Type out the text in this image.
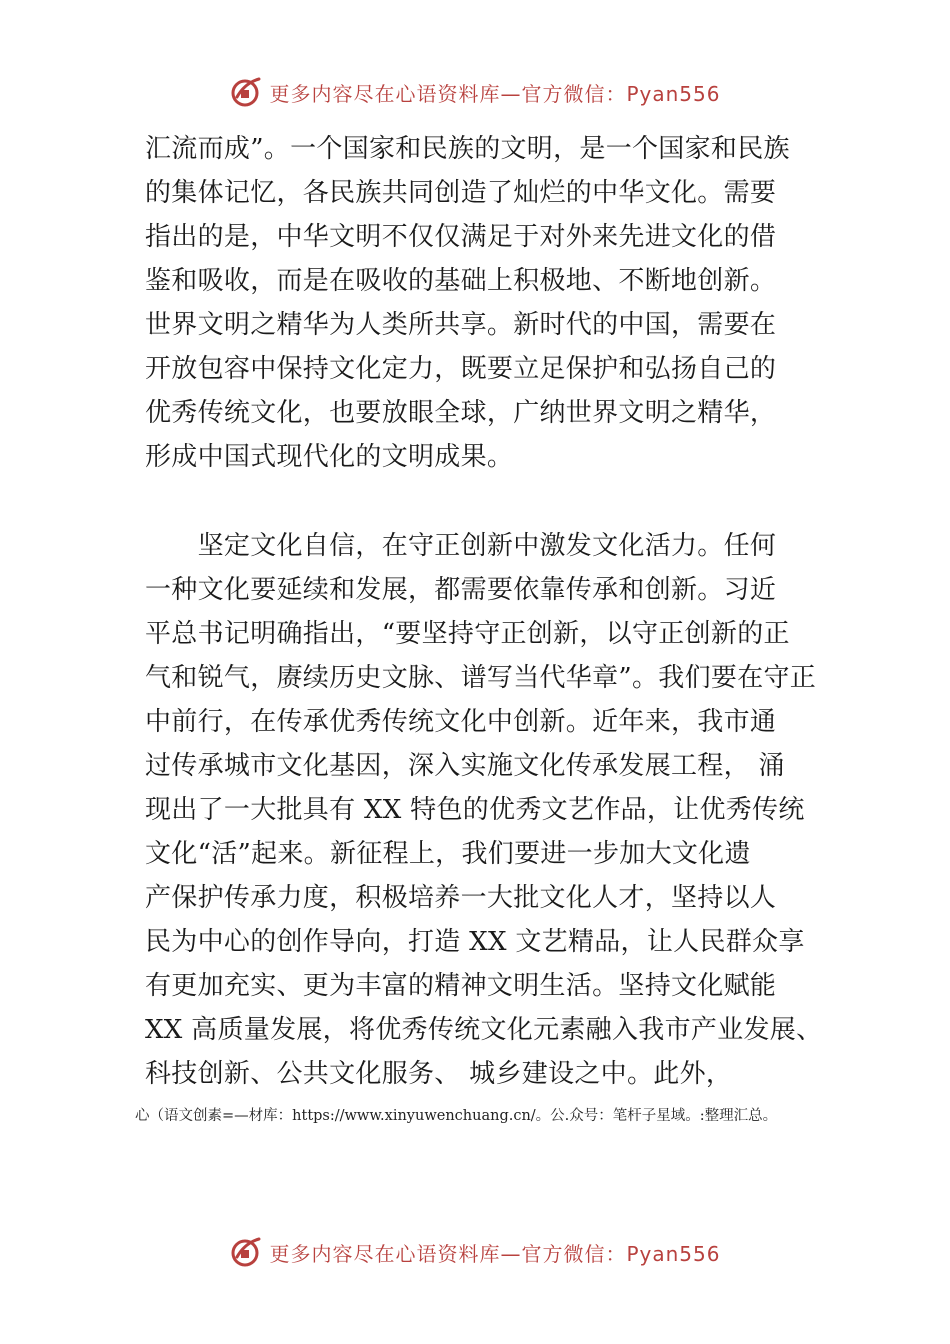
更多内容尽在心语资料库—官方微信：Pyan556
汇流而成”。一个国家和民族的文明，是一个国家和民族
的集体记忆，各民族共同创造了灿烂的中华文化。需要
指出的是，中华文明不仅仅满足于对外来先进文化的借
鉴和吸收，而是在吸收的基础上积极地、不断地创新。
世界文明之精华为人类所共享。新时代的中国，需要在
开放包容中保持文化定力，既要立足保护和弘扬自己的
优秀传统文化，也要放眼全球，广纳世界文明之精华，
形成中国式现代化的文明成果。
　　坚定文化自信，在守正创新中激发文化活力。任何
一种文化要延续和发展，都需要依靠传承和创新。习近
平总书记明确指出，“要坚持守正创新，以守正创新的正
气和锐气，赓续历史文脉、谱写当代华章”。我们要在守正
中前行，在传承优秀传统文化中创新。近年来，我市通
过传承城市文化基因，深入实施文化传承发展工程， 涌
现出了一大批具有 XX 特色的优秀文艺作品，让优秀传统
文化“活”起来。新征程上，我们要进一步加大文化遗
产保护传承力度，积极培养一大批文化人才，坚持以人
民为中心的创作导向，打造 XX 文艺精品，让人民群众享
有更加充实、更为丰富的精神文明生活。坚持文化赋能
XX 高质量发展，将优秀传统文化元素融入我市产业发展、
科技创新、公共文化服务、 城乡建设之中。此外，
心（语文创素=—材库：https://www.xinyuwenchuang.cn/。公.众号：笔杆子星域。:整理汇总。
更多内容尽在心语资料库—官方微信：Pyan556
